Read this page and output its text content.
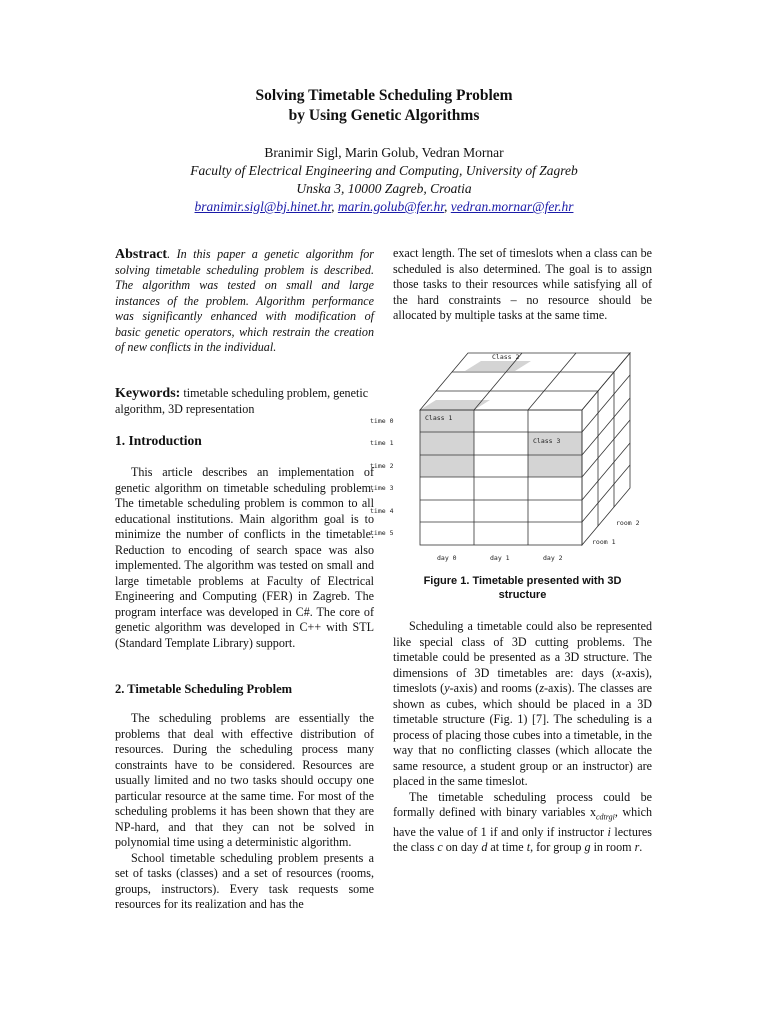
Solving Timetable Scheduling Problem
by Using Genetic Algorithms
Branimir Sigl, Marin Golub, Vedran Mornar
Faculty of Electrical Engineering and Computing, University of Zagreb
Unska 3, 10000 Zagreb, Croatia
branimir.sigl@bj.hinet.hr, marin.golub@fer.hr, vedran.mornar@fer.hr

Abstract. In this paper a genetic algorithm for solving timetable scheduling problem is described. The algorithm was tested on small and large instances of the problem. Algorithm performance was significantly enhanced with modification of basic genetic operators, which restrain the creation of new conflicts in the individual.

Keywords: timetable scheduling problem, genetic algorithm, 3D representation
1. Introduction

This article describes an implementation of genetic algorithm on timetable scheduling problem. The timetable scheduling problem is common to all educational institutions. Main algorithm goal is to minimize the number of conflicts in the timetable. Reduction to encoding of search space was also implemented. The algorithm was tested on small and large timetable problems at Faculty of Electrical Engineering and Computing (FER) in Zagreb. The program interface was developed in C#. The core of genetic algorithm was developed in C++ with STL (Standard Template Library) support.

2. Timetable Scheduling Problem

The scheduling problems are essentially the problems that deal with effective distribution of resources. During the scheduling process many constraints have to be considered. Resources are usually limited and no two tasks should occupy one particular resource at the same time. For most of the scheduling problems it has been shown that they are NP-hard, and that they can not be solved in polynomial time using a deterministic algorithm.

School timetable scheduling problem presents a set of tasks (classes) and a set of resources (rooms, groups, instructors). Every task requests some resources for its realization and has the

exact length. The set of timeslots when a class can be scheduled is also determined. The goal is to assign those tasks to their resources while satisfying all of the hard constraints – no resource should be allocated by multiple tasks at the same time.

Class 1
Class 2
Class 3
time 0
time 1
time 2
time 3
time 4
time 5
day 0	day 1	day 2
room 1
room 2
Figure 1. Timetable presented with 3D
structure

Scheduling a timetable could also be represented like special class of 3D cutting problems. The timetable could be presented as a 3D structure. The dimensions of 3D timetables are: days (x-axis), timeslots (y-axis) and rooms (z-axis). The classes are shown as cubes, which should be placed in a 3D timetable structure (Fig. 1) [7]. The scheduling is a process of placing those cubes into a timetable, in the way that no conflicting classes (which allocate the same resource, a student group or an instructor) are placed in the same timeslot.

The timetable scheduling process could be formally defined with binary variables $x_{cdtrgi}$, which have the value of 1 if and only if instructor i lectures the class c on day d at time t, for group g in room r.
